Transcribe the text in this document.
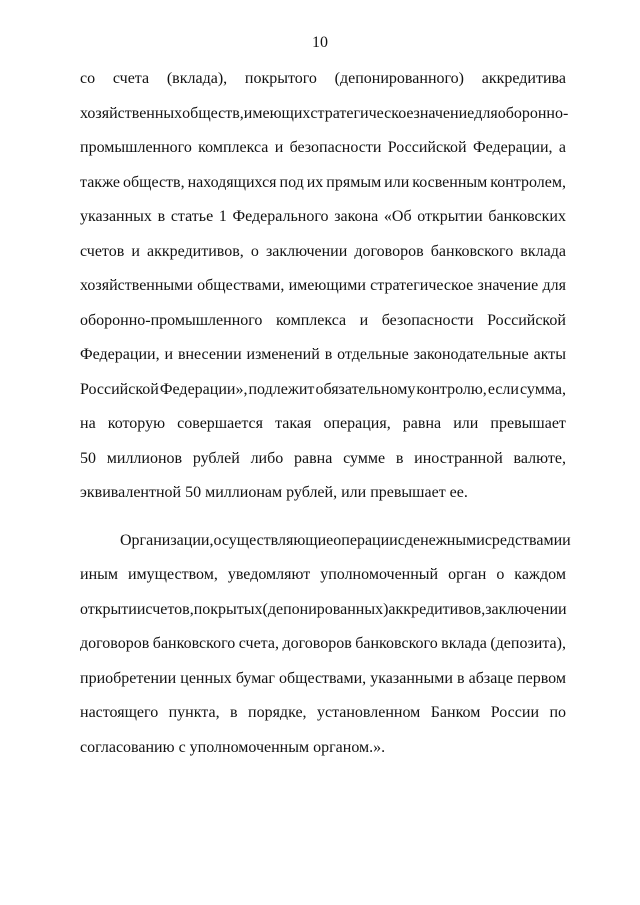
10
со счета (вклада), покрытого (депонированного) аккредитива
хозяйственных обществ, имеющих стратегическое значение для оборонно-
промышленного комплекса и безопасности Российской Федерации, а
также обществ, находящихся под их прямым или косвенным контролем,
указанных в статье 1 Федерального закона «Об открытии банковских
счетов и аккредитивов, о заключении договоров банковского вклада
хозяйственными обществами, имеющими стратегическое значение для
оборонно-промышленного комплекса и безопасности Российской
Федерации, и внесении изменений в отдельные законодательные акты
Российской Федерации», подлежит обязательному контролю, если сумма,
на которую совершается такая операция, равна или превышает
50 миллионов рублей либо равна сумме в иностранной валюте,
эквивалентной 50 миллионам рублей, или превышает ее.
Организации, осуществляющие операции с денежными средствами и
иным имуществом, уведомляют уполномоченный орган о каждом
открытии счетов, покрытых (депонированных) аккредитивов, заключении
договоров банковского счета, договоров банковского вклада (депозита),
приобретении ценных бумаг обществами, указанными в абзаце первом
настоящего пункта, в порядке, установленном Банком России по
согласованию с уполномоченным органом.».
